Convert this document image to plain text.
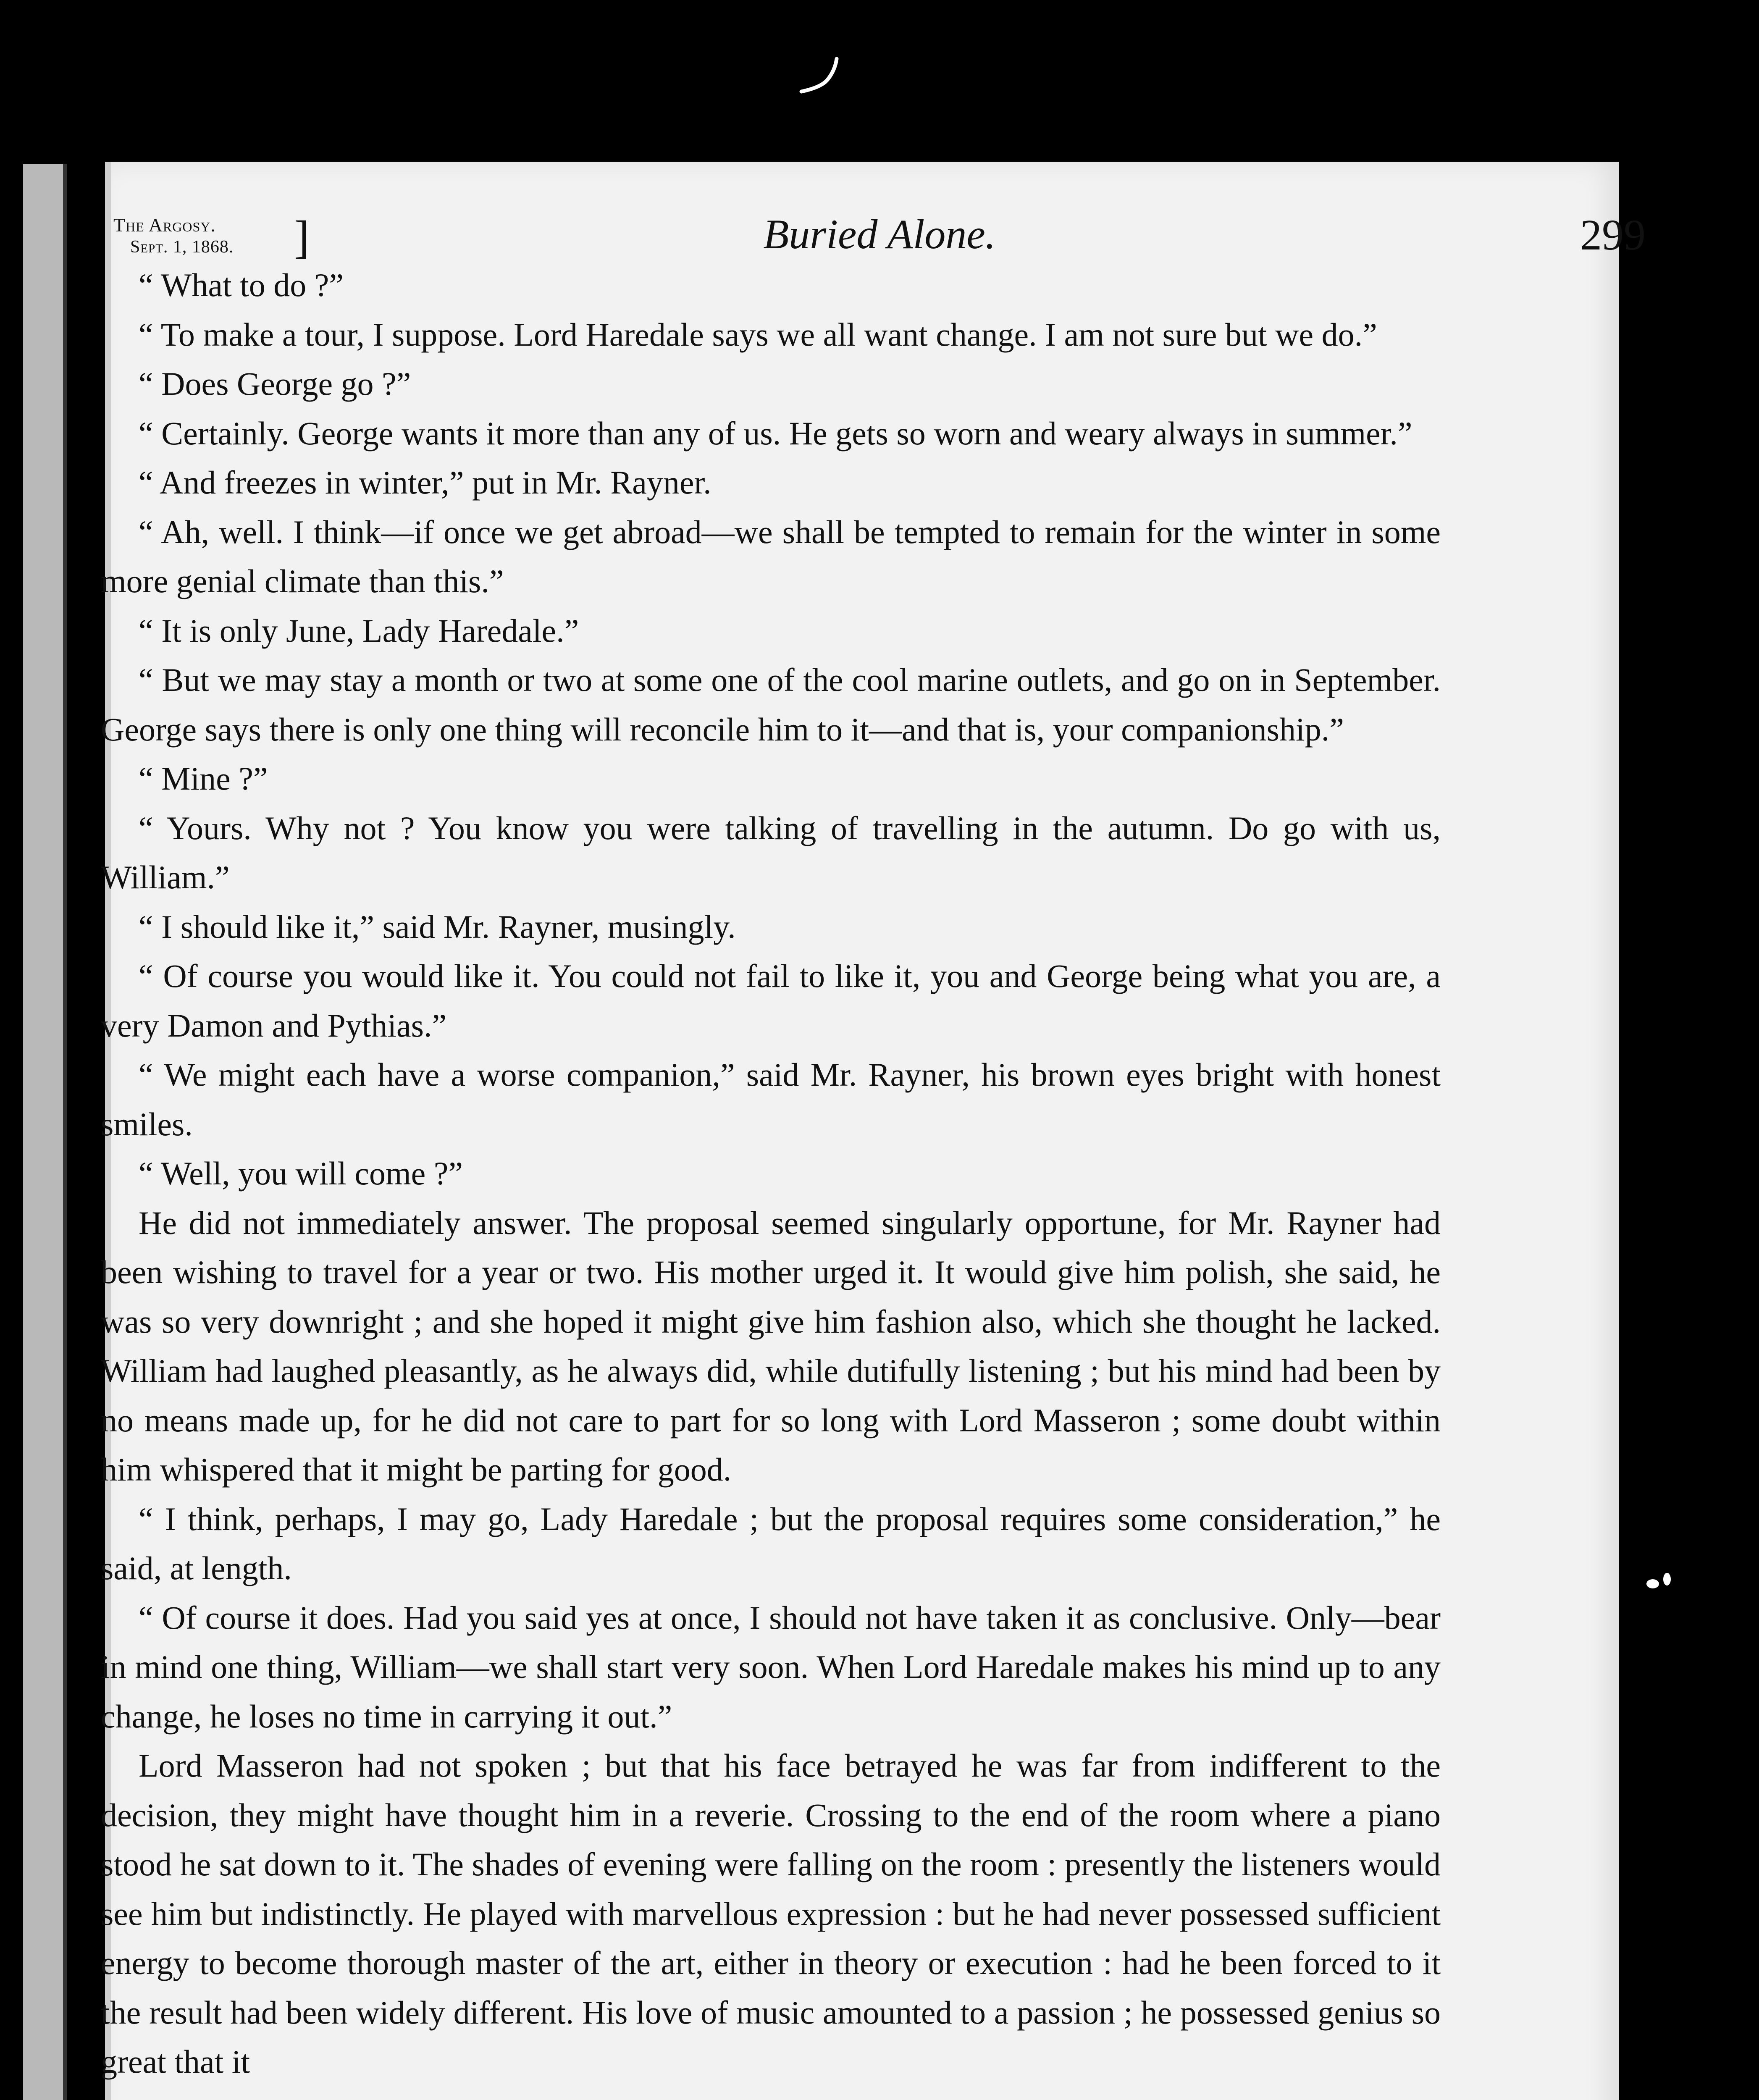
The Argosy.
Sept. 1, 1868. ]	Buried Alone.	299

“ What to do ?”

“ To make a tour, I suppose. Lord Haredale says we all want change. I am not sure but we do.”

“ Does George go ?”

“ Certainly. George wants it more than any of us. He gets so worn and weary always in summer.”

“ And freezes in winter,” put in Mr. Rayner.

“ Ah, well. I think—if once we get abroad—we shall be tempted to remain for the winter in some more genial climate than this.”

“ It is only June, Lady Haredale.”

“ But we may stay a month or two at some one of the cool marine outlets, and go on in September. George says there is only one thing will reconcile him to it—and that is, your companionship.”

“ Mine ?”

“ Yours. Why not ? You know you were talking of travelling in the autumn. Do go with us, William.”

“ I should like it,” said Mr. Rayner, musingly.

“ Of course you would like it. You could not fail to like it, you and George being what you are, a very Damon and Pythias.”

“ We might each have a worse companion,” said Mr. Rayner, his brown eyes bright with honest smiles.

“ Well, you will come ?”

He did not immediately answer. The proposal seemed singularly opportune, for Mr. Rayner had been wishing to travel for a year or two. His mother urged it. It would give him polish, she said, he was so very downright ; and she hoped it might give him fashion also, which she thought he lacked. William had laughed pleasantly, as he always did, while dutifully listening ; but his mind had been by no means made up, for he did not care to part for so long with Lord Masseron ; some doubt within him whispered that it might be parting for good.

“ I think, perhaps, I may go, Lady Haredale ; but the proposal requires some consideration,” he said, at length.

“ Of course it does. Had you said yes at once, I should not have taken it as conclusive. Only—bear in mind one thing, William—we shall start very soon. When Lord Haredale makes his mind up to any change, he loses no time in carrying it out.”

Lord Masseron had not spoken ; but that his face betrayed he was far from indifferent to the decision, they might have thought him in a reverie. Crossing to the end of the room where a piano stood he sat down to it. The shades of evening were falling on the room : presently the listeners would see him but indistinctly. He played with marvellous expression : but he had never possessed sufficient energy to become thorough master of the art, either in theory or execution : had he been forced to it the result had been widely different. His love of music amounted to a passion ; he possessed genius so great that it
